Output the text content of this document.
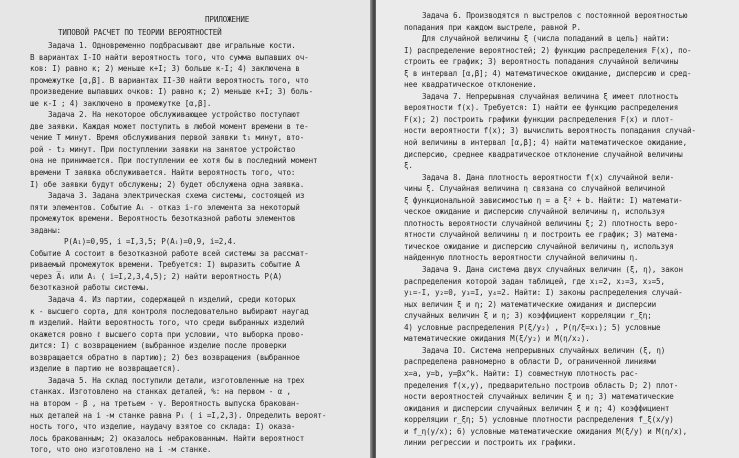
ПРИЛОЖЕНИЕ
ТИПОВОЙ РАСЧЕТ ПО ТЕОРИИ ВЕРОЯТНОСТЕЙ
Задача 1. Одновременно подбрасывают две игральные кости.
В вариантах I-IO найти вероятность того, что сумма выпавших оч-
ков: I) равно к; 2) меньше к+I; 3) больше к-I; 4) заключена в
промежутке [α,β]. В вариантах II-30 найти вероятность того, что
произведение выпавших очков: I) равно к; 2) меньше к+I; 3) боль-
ше к-I ; 4) заключено в промежутке [α,β].
Задача 2. На некоторое обслуживающее устройство поступают
две заявки. Каждая может поступить в любой момент времени в те-
чение T минут. Время обслуживания первой заявки t₁ минут, вто-
рой - t₂ минут. При поступлении заявки на занятое устройство
она не принимается. При поступлении ее хотя бы в последний момент
времени T заявка обслуживается. Найти вероятность того, что:
I) обе заявки будут обслужены; 2) будет обслужена одна заявка.
Задача 3. Задана электрическая схема системы, состоящей из
пяти элементов. Событие Aᵢ - отказ i-го элемента за некоторый
промежуток времени. Вероятность безотказной работы элементов
заданы:
P(A₁)=0,95, i =I,3,5; P(Aᵢ)=0,9, i=2,4.
Событие A состоит в безотказной работе всей системы за рассмат-
риваемый промежуток времени. Требуется: I) выразить событие A
через A̅ᵢ или Aᵢ ( i=I,2,3,4,5); 2) найти вероятность P(A)
безотказной работы системы.
Задача 4. Из партии, содержащей n изделий, среди которых
к - высшего сорта, для контроля последовательно выбирают наугад
m изделий. Найти вероятность того, что среди выбранных изделий
окажется ровно ℓ высшего сорта при условии, что выборка прово-
дится: I) с возвращением (выбранное изделие после проверки
возвращается обратно в партию); 2) без возвращения (выбранное
изделие в партию не возвращается).
Задача 5. На склад поступили детали, изготовленные на трех
станках. Изготовлено на станках деталей, %: на первом - α ,
на втором - β , на третьем - γ. Вероятность выпуска бракован-
ных деталей на i -м станке равна Pᵢ ( i =I,2,3). Определить вероят-
ность того, что изделие, наудачу взятое со склада: I) оказа-
лось бракованным; 2) оказалось небракованным. Найти вероятност
того, что оно изготовлено на i -м станке.
Задача 6. Производятся n выстрелов с постоянной вероятностью
попадания при каждом выстреле, равной P.
Для случайной величины ξ (числа попаданий в цель) найти:
I) распределение вероятностей; 2) функцию распределения F(x), по-
строить ее график; 3) вероятность попадания случайной величины
ξ в интервал [α,β]; 4) математическое ожидание, дисперсию и сред-
нее квадратическое отклонение.
Задача 7. Непрерывная случайная величина ξ имеет плотность
вероятности f(x). Требуется: I) найти ее функцию распределения
F(x); 2) построить графики функции распределения F(x) и плот-
ности вероятности f(x); 3) вычислить вероятность попадания случай-
ной величины в интервал [α,β]; 4) найти математическое ожидание,
дисперсию, среднее квадратическое отклонение случайной величины
ξ.
Задача 8. Дана плотность вероятности f(x) случайной вели-
чины ξ. Случайная величина η связана со случайной величиной
ξ функциональной зависимостью η = a ξ² + b. Найти: I) математи-
ческое ожидание и дисперсию случайной величины η, используя
плотность вероятности случайной величины ξ; 2) плотность веро-
ятности случайной величины η и построить ее график; 3) матема-
тическое ожидание и дисперсию случайной величины η, используя
найденную плотность вероятности случайной величины η.
Задача 9. Дана система двух случайных величин (ξ, η), закон
распределения которой задан таблицей, где x₁=2, x₂=3, x₃=5,
y₁=-I, y₂=0, y₃=I, y₄=2. Найти: I) законы распределения случай-
ных величин ξ и η; 2) математические ожидания и дисперсии
случайных величин ξ и η; 3) коэффициент корреляции r_ξη;
4) условные распределения P(ξ/y₂) , P(η/ξ=x₁); 5) условные
математические ожидания M(ξ/y₂) и M(η/x₂).
Задача IO. Система непрерывных случайных величин (ξ, η)
распределена равномерно в области D, ограниченной линиями
x=a, y=b, y=βx^k. Найти: I) совместную плотность рас-
пределения f(x,y), предварительно построив область D; 2) плот-
ности вероятностей случайных величин ξ и η; 3) математические
ожидания и дисперсии случайных величин ξ и η; 4) коэффициент
корреляции r_ξη; 5) условные плотности распределения f_ξ(x/y)
и f_η(y/x); 6) условные математические ожидания M(ξ/y) и M(η/x),
линии регрессии и построить их графики.
